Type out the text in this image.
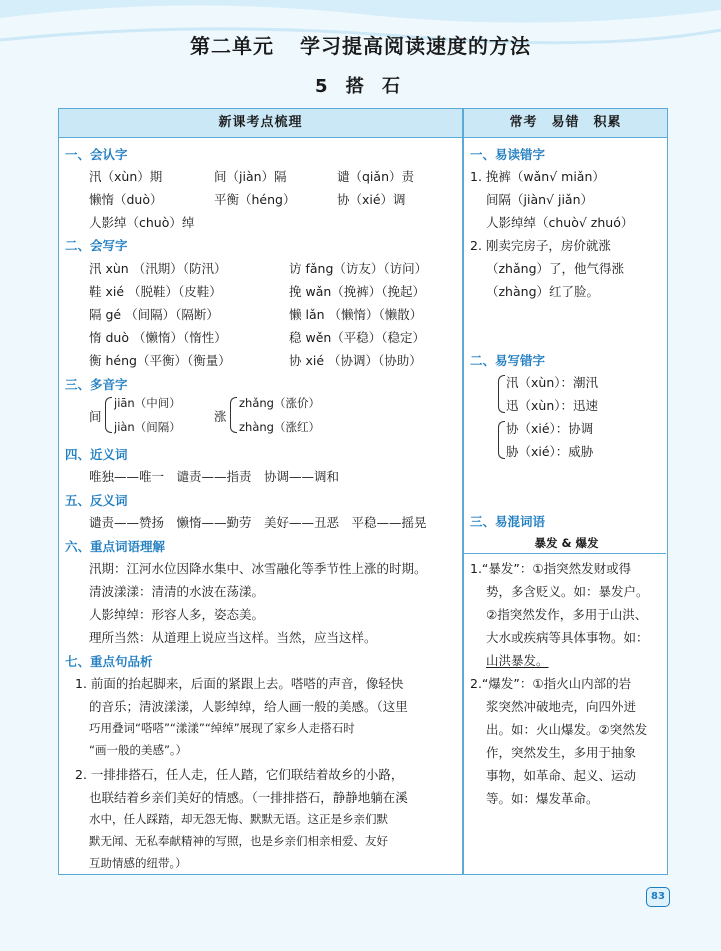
第二单元 学习提高阅读速度的方法
5 搭 石
新课考点梳理
一、会认字
汛（xùn）期	间（jiàn）隔	谴（qiǎn）责
懒惰（duò）	平衡（héng）	协（xié）调
人影绰（chuò）绰
二、会写字
汛 xùn （汛期）（防汛）	访 fǎng（访友）（访问）
鞋 xié （脱鞋）（皮鞋）	挽 wǎn（挽裤）（挽起）
隔 gé （间隔）（隔断）	懒 lǎn （懒惰）（懒散）
惰 duò （懒惰）（惰性）	稳 wěn（平稳）（稳定）
衡 héng（平衡）（衡量）	协 xié （协调）（协助）
三、多音字
间
jiān（中间）
jiàn（间隔）
涨
zhǎng（涨价）
zhàng（涨红）
四、近义词
唯独——唯一　谴责——指责　协调——调和
五、反义词
谴责——赞扬　懒惰——勤劳　美好——丑恶　平稳——摇晃
六、重点词语理解
汛期：江河水位因降水集中、冰雪融化等季节性上涨的时期。
清波漾漾：清清的水波在荡漾。
人影绰绰：形容人多，姿态美。
理所当然：从道理上说应当这样。当然，应当这样。
七、重点句品析
1. 前面的抬起脚来，后面的紧跟上去。嗒嗒的声音，像轻快
的音乐；清波漾漾，人影绰绰，给人画一般的美感。（这里
巧用叠词“嗒嗒”“漾漾”“绰绰”展现了家乡人走搭石时
“画一般的美感”。）
2. 一排排搭石，任人走，任人踏，它们联结着故乡的小路，
也联结着乡亲们美好的情感。（一排排搭石，静静地躺在溪
水中，任人踩踏，却无怨无悔、默默无语。这正是乡亲们默
默无闻、无私奉献精神的写照，也是乡亲们相亲相爱、友好
互助情感的纽带。）
常考　易错　积累
一、易读错字
1. 挽裤（wǎn√ miǎn）
间隔（jiàn√ jiǎn）
人影绰绰（chuò√ zhuó）
2. 刚卖完房子，房价就涨
（zhǎng）了，他气得涨
（zhàng）红了脸。
二、易写错字
汛（xùn）：潮汛
迅（xùn）：迅速
协（xié）：协调
胁（xié）：威胁
三、易混词语
暴发 & 爆发
1.“暴发”：①指突然发财或得
势，多含贬义。如：暴发户。
②指突然发作，多用于山洪、
大水或疾病等具体事物。如：
山洪暴发。
2.“爆发”：①指火山内部的岩
浆突然冲破地壳，向四外迸
出。如：火山爆发。②突然发
作，突然发生，多用于抽象
事物，如革命、起义、运动
等。如：爆发革命。
83
